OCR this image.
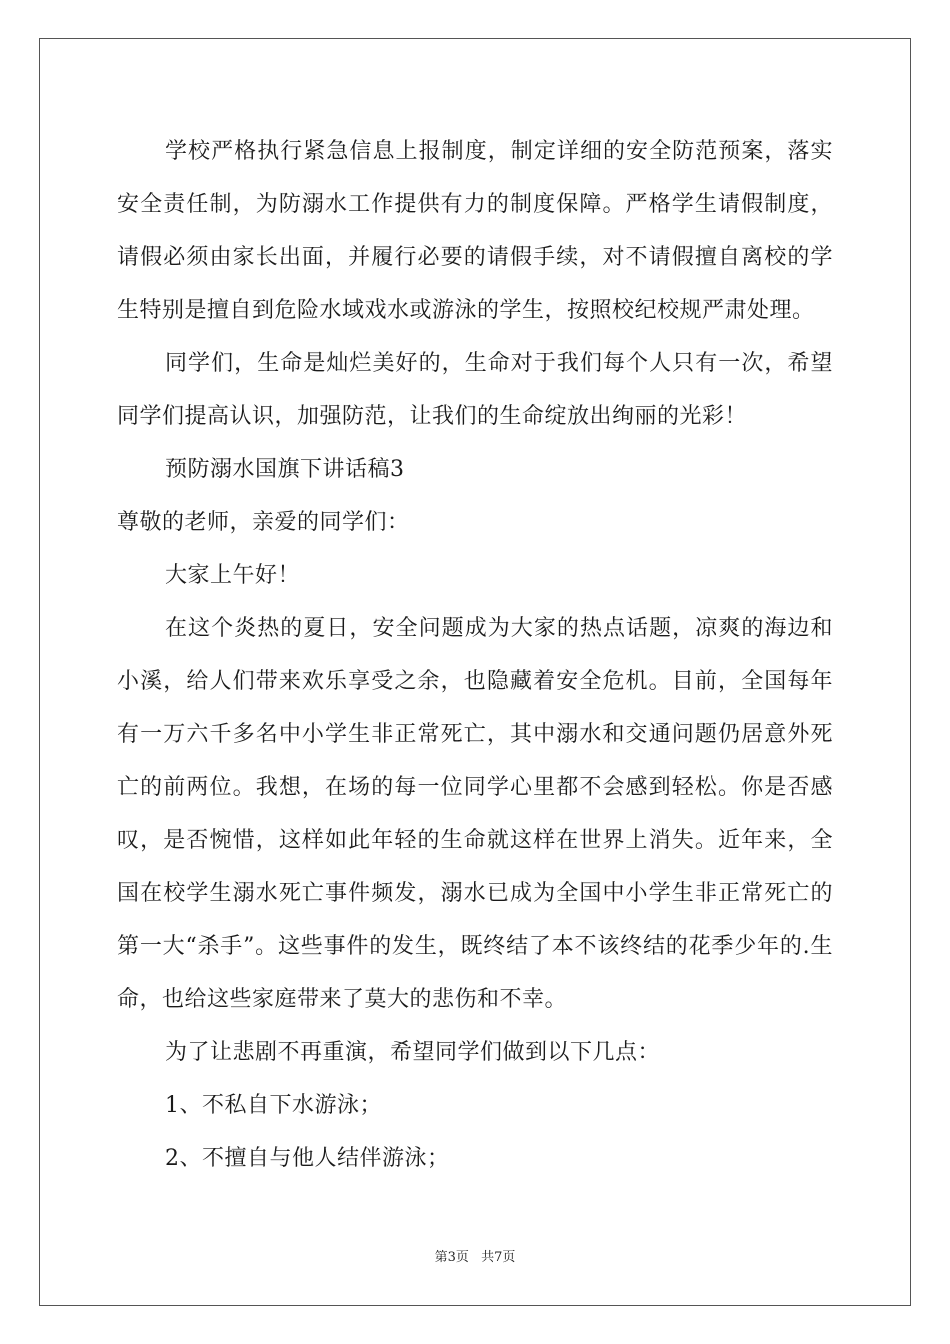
学校严格执行紧急信息上报制度，制定详细的安全防范预案，落实安全责任制，为防溺水工作提供有力的制度保障。严格学生请假制度，请假必须由家长出面，并履行必要的请假手续，对不请假擅自离校的学生特别是擅自到危险水域戏水或游泳的学生，按照校纪校规严肃处理。

同学们，生命是灿烂美好的，生命对于我们每个人只有一次，希望同学们提高认识，加强防范，让我们的生命绽放出绚丽的光彩！

预防溺水国旗下讲话稿3

尊敬的老师，亲爱的同学们：

大家上午好！

在这个炎热的夏日，安全问题成为大家的热点话题，凉爽的海边和小溪，给人们带来欢乐享受之余，也隐藏着安全危机。目前，全国每年有一万六千多名中小学生非正常死亡，其中溺水和交通问题仍居意外死亡的前两位。我想，在场的每一位同学心里都不会感到轻松。你是否感叹，是否惋惜，这样如此年轻的生命就这样在世界上消失。近年来，全国在校学生溺水死亡事件频发，溺水已成为全国中小学生非正常死亡的第一大“杀手”。这些事件的发生，既终结了本不该终结的花季少年的.生命，也给这些家庭带来了莫大的悲伤和不幸。

为了让悲剧不再重演，希望同学们做到以下几点：

1、不私自下水游泳；

2、不擅自与他人结伴游泳；

第3页 共7页
